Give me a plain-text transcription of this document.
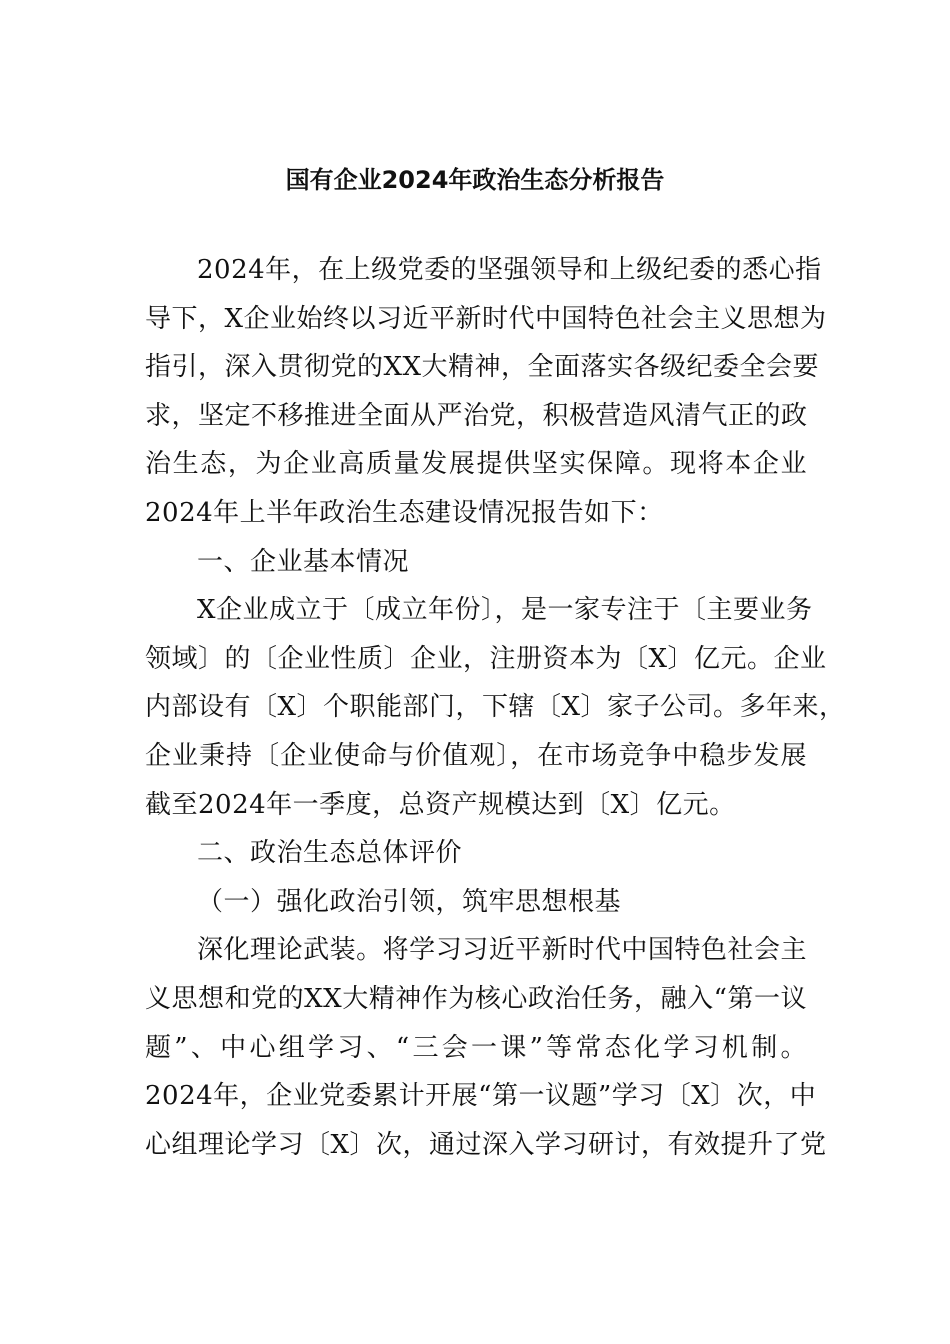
国有企业2024年政治生态分析报告
2024年，在上级党委的坚强领导和上级纪委的悉心指
导下，X企业始终以习近平新时代中国特色社会主义思想为
指引，深入贯彻党的XX大精神，全面落实各级纪委全会要
求，坚定不移推进全面从严治党，积极营造风清气正的政
治生态，为企业高质量发展提供坚实保障。现将本企业
2024年上半年政治生态建设情况报告如下：
一、企业基本情况
X企业成立于〔成立年份〕，是一家专注于〔主要业务
领域〕的〔企业性质〕企业，注册资本为〔X〕亿元。企业
内部设有〔X〕个职能部门，下辖〔X〕家子公司。多年来，
企业秉持〔企业使命与价值观〕，在市场竞争中稳步发展
截至2024年一季度，总资产规模达到〔X〕亿元。
二、政治生态总体评价
（一）强化政治引领，筑牢思想根基
深化理论武装。将学习习近平新时代中国特色社会主
义思想和党的XX大精神作为核心政治任务，融入“第一议
题”、中心组学习、“三会一课”等常态化学习机制。
2024年，企业党委累计开展“第一议题”学习〔X〕次，中
心组理论学习〔X〕次，通过深入学习研讨，有效提升了党
